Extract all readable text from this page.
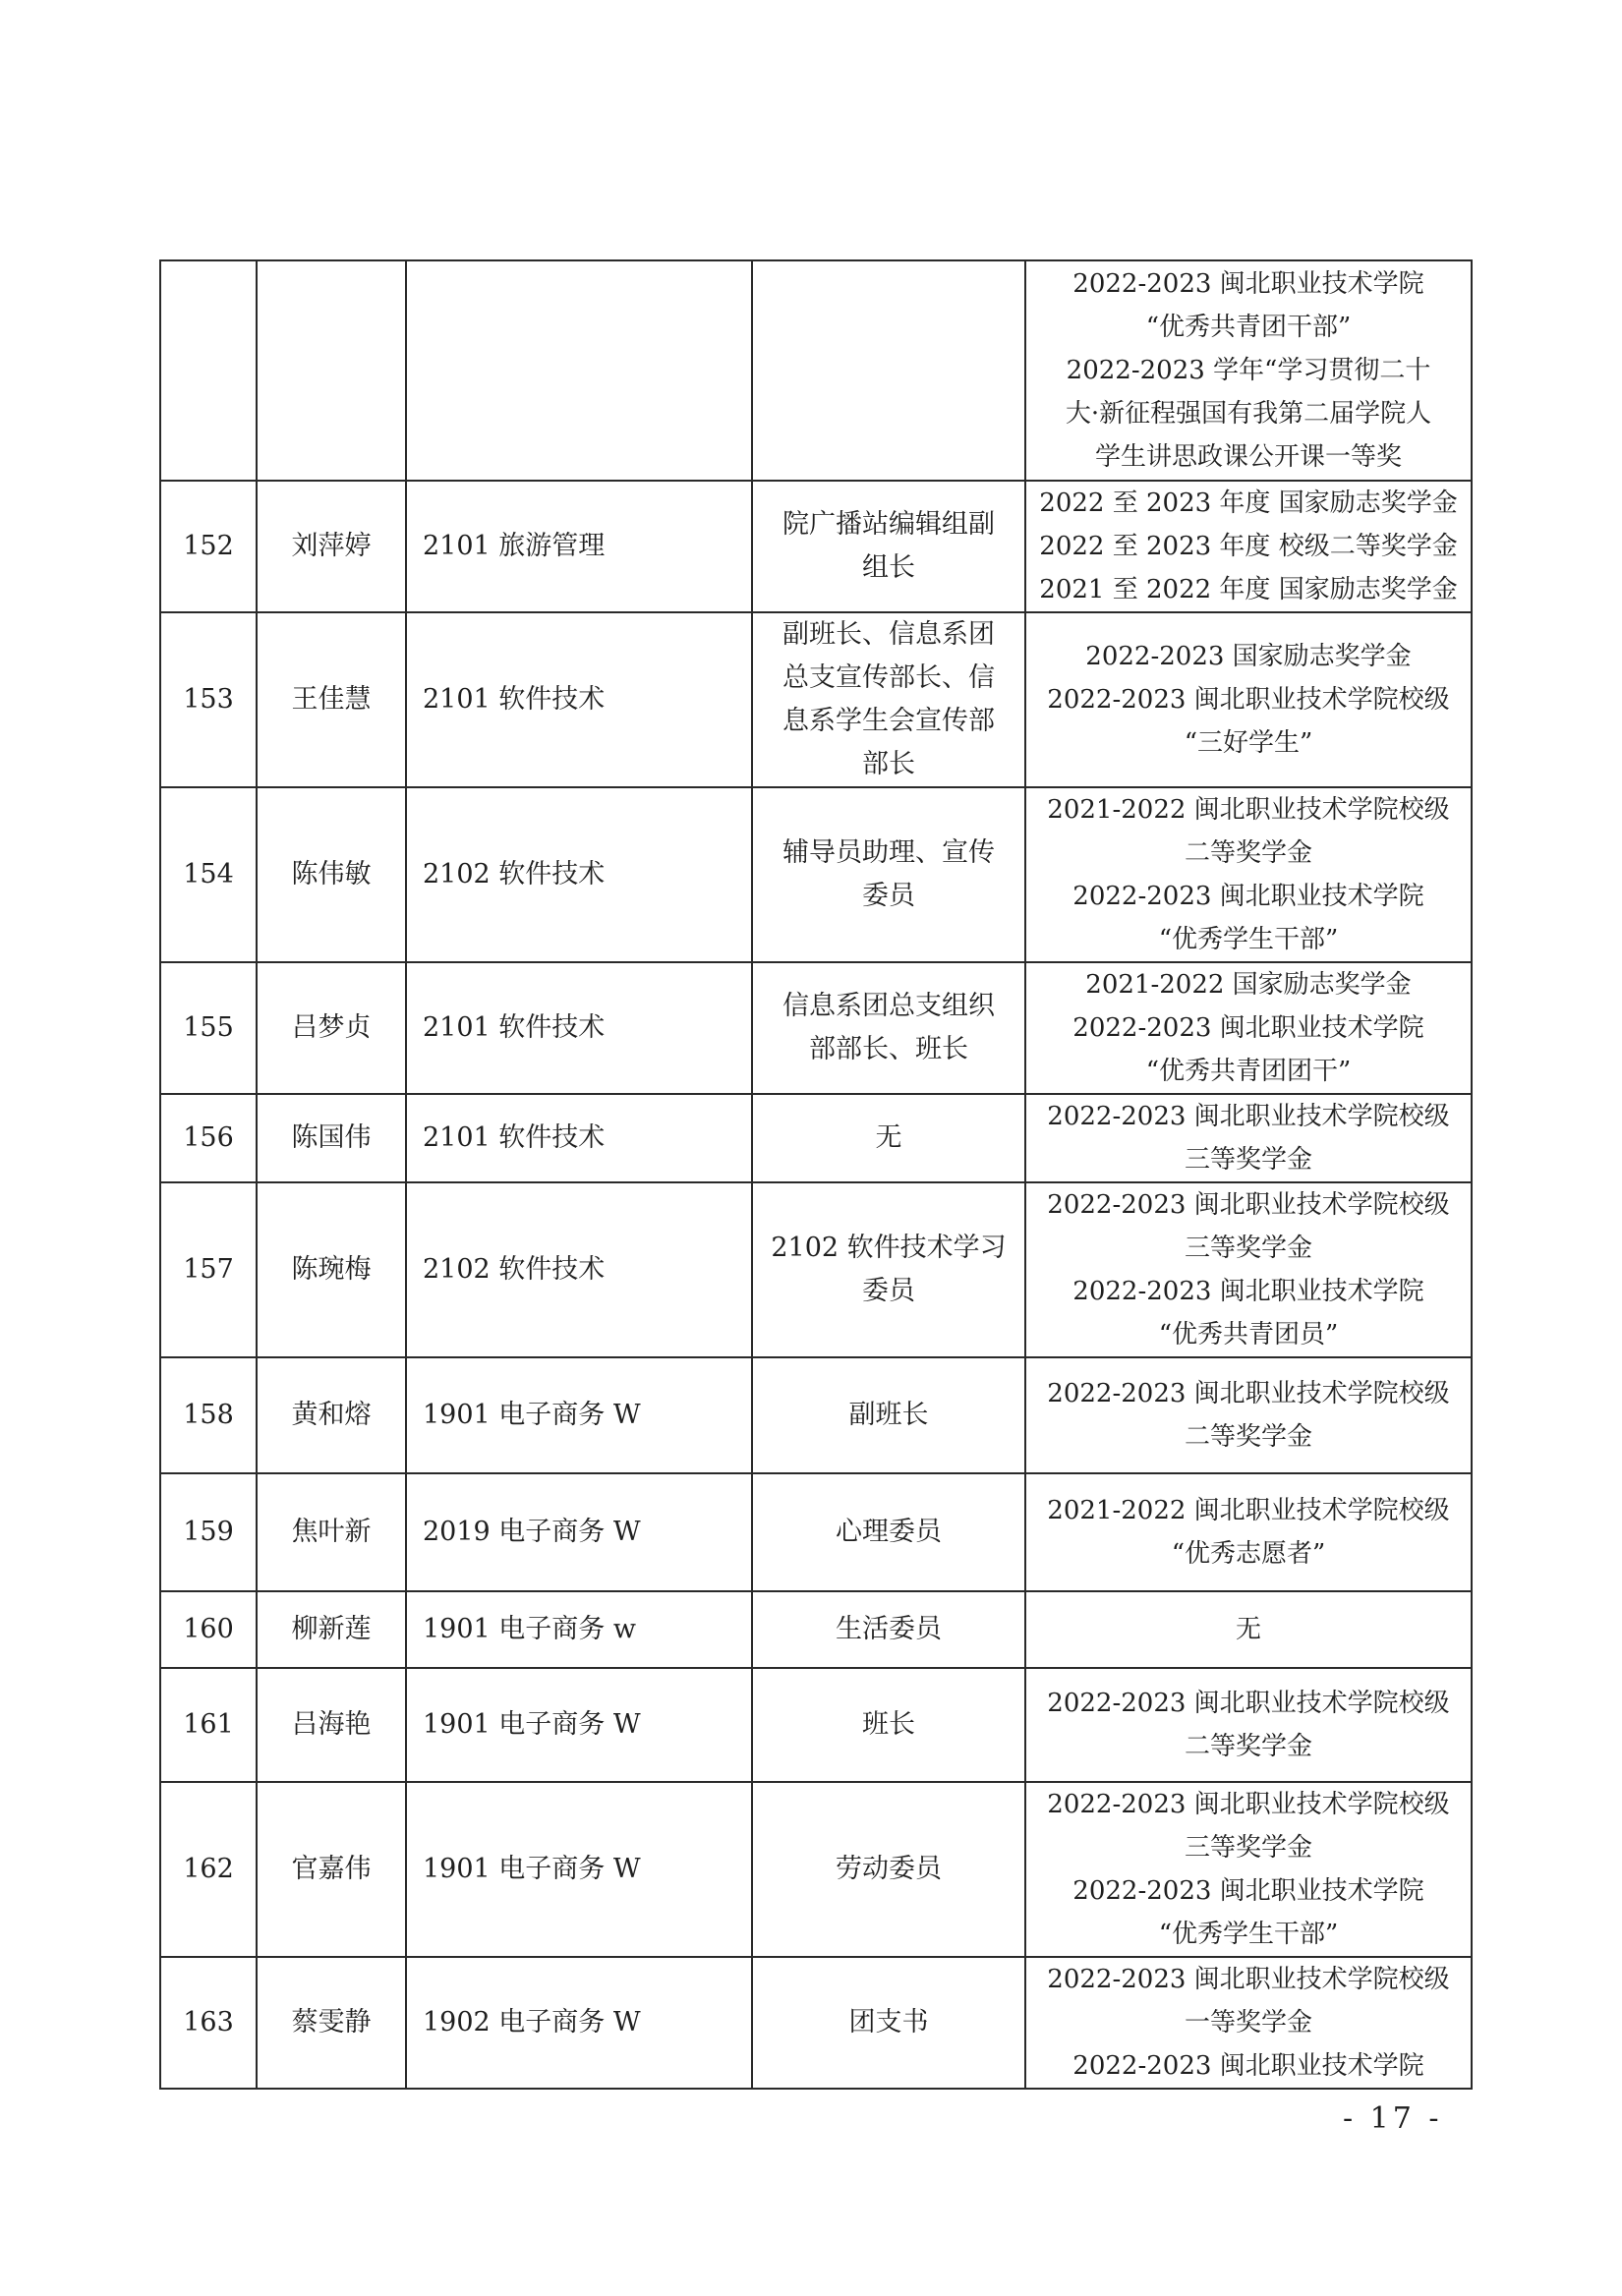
				2022-2023 闽北职业技术学院
“优秀共青团干部”
2022-2023 学年“学习贯彻二十
大·新征程强国有我第二届学院人
学生讲思政课公开课一等奖

152	刘萍婷	2101 旅游管理	院广播站编辑组副
组长	2022 至 2023 年度 国家励志奖学金
2022 至 2023 年度 校级二等奖学金
2021 至 2022 年度 国家励志奖学金

153	王佳慧	2101 软件技术	副班长、信息系团
总支宣传部长、信
息系学生会宣传部
部长	2022-2023 国家励志奖学金
2022-2023 闽北职业技术学院校级
“三好学生”

154	陈伟敏	2102 软件技术	辅导员助理、宣传
委员	2021-2022 闽北职业技术学院校级
二等奖学金
2022-2023 闽北职业技术学院
“优秀学生干部”

155	吕梦贞	2101 软件技术	信息系团总支组织
部部长、班长	2021-2022 国家励志奖学金
2022-2023 闽北职业技术学院
“优秀共青团团干”

156	陈国伟	2101 软件技术	无	2022-2023 闽北职业技术学院校级
三等奖学金

157	陈琬梅	2102 软件技术	2102 软件技术学习
委员	2022-2023 闽北职业技术学院校级
三等奖学金
2022-2023 闽北职业技术学院
“优秀共青团员”

158	黄和熔	1901 电子商务 W	副班长	2022-2023 闽北职业技术学院校级
二等奖学金

159	焦叶新	2019 电子商务 W	心理委员	2021-2022 闽北职业技术学院校级
“优秀志愿者”

160	柳新莲	1901 电子商务 w	生活委员	无

161	吕海艳	1901 电子商务 W	班长	2022-2023 闽北职业技术学院校级
二等奖学金

162	官嘉伟	1901 电子商务 W	劳动委员	2022-2023 闽北职业技术学院校级
三等奖学金
2022-2023 闽北职业技术学院
“优秀学生干部”

163	蔡雯静	1902 电子商务 W	团支书	2022-2023 闽北职业技术学院校级
一等奖学金
2022-2023 闽北职业技术学院
- 17 -
